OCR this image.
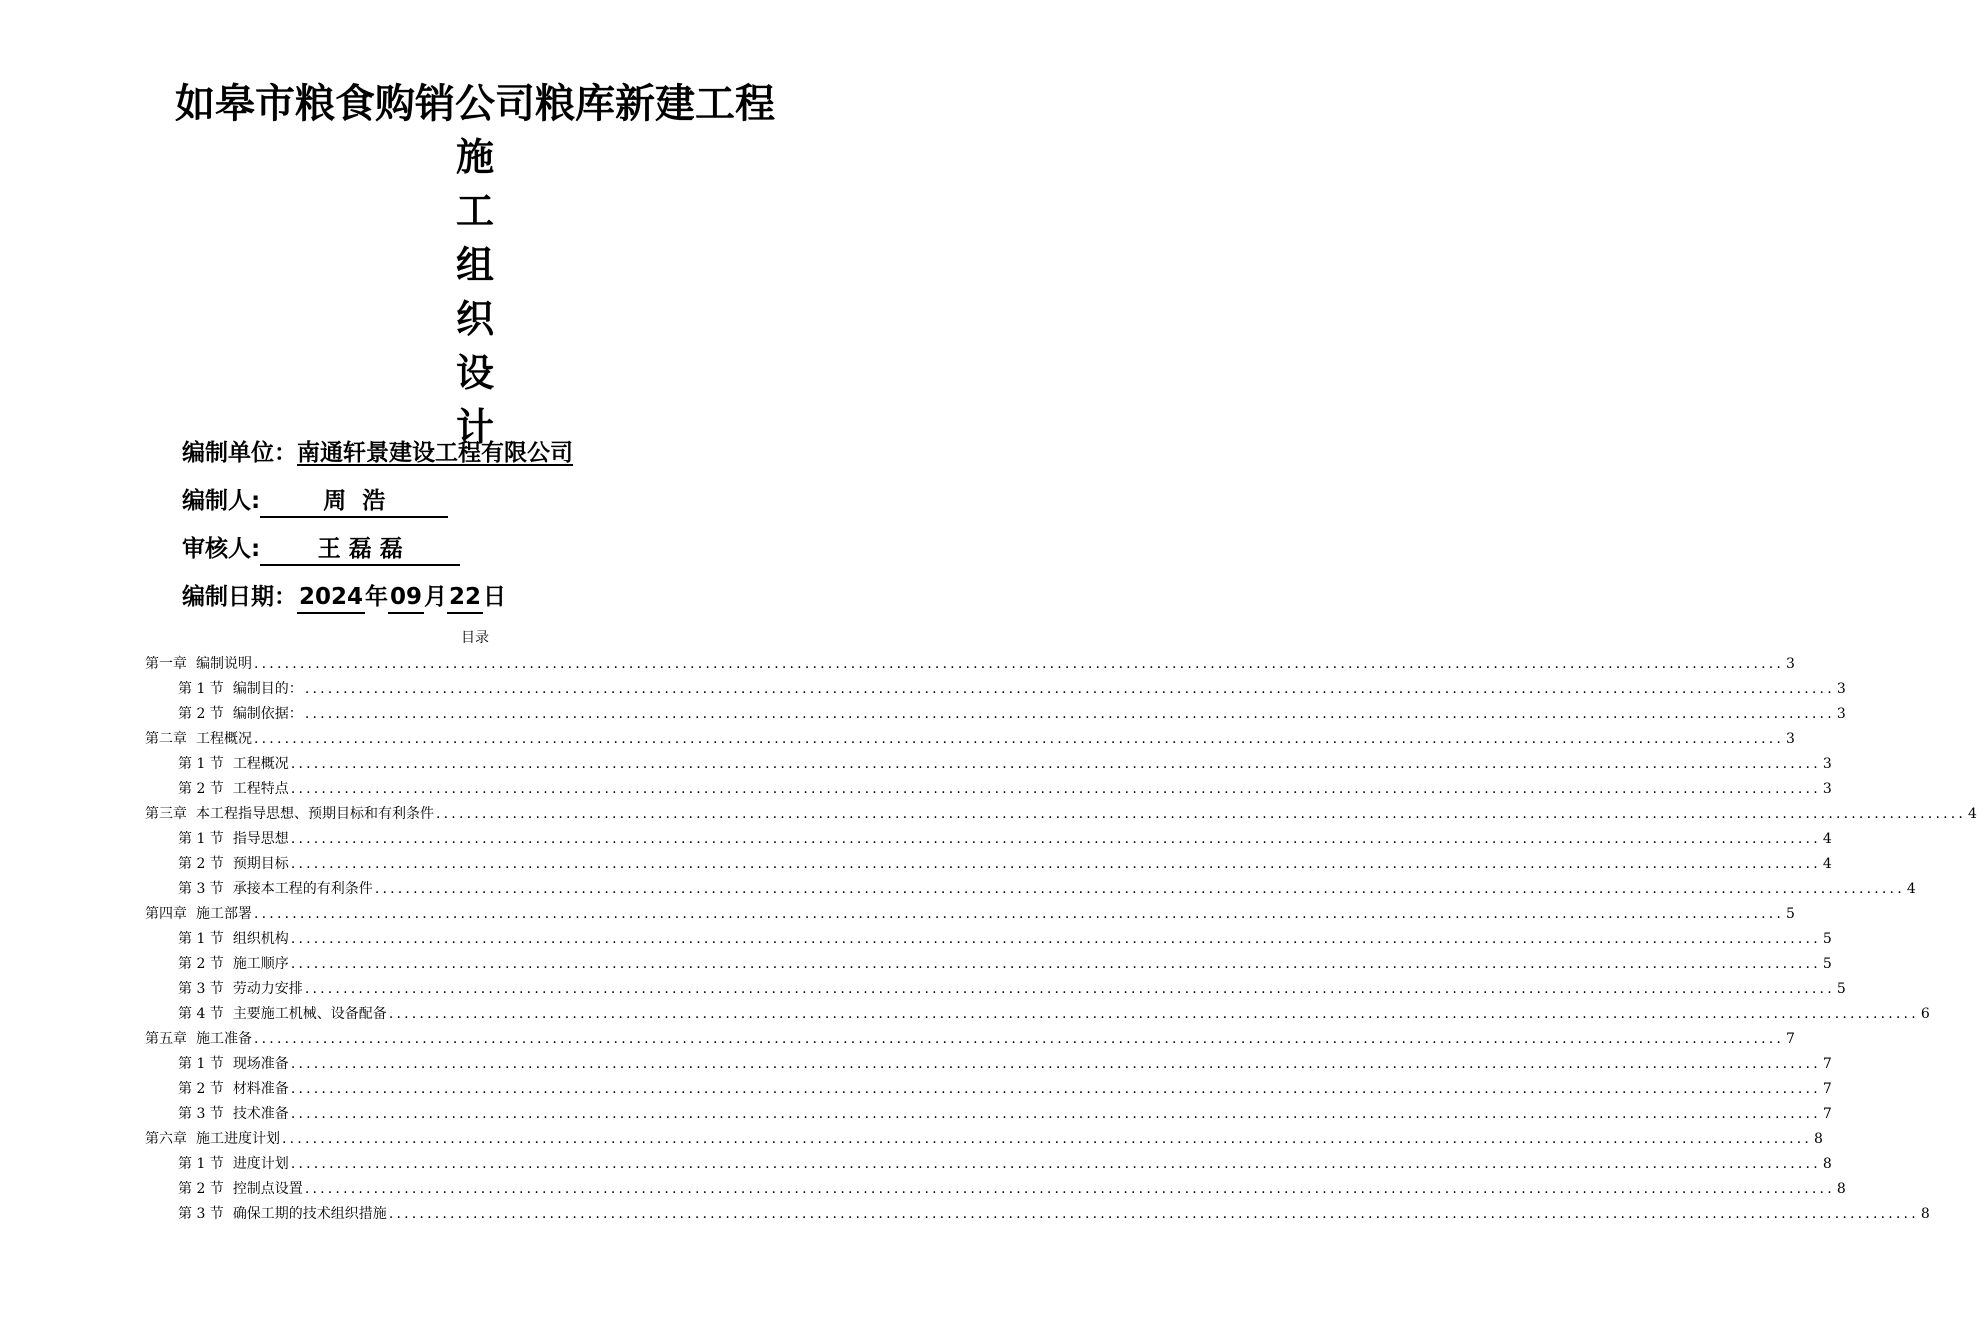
如皋市粮食购销公司粮库新建工程
施
工
组
织
设
计
编制单位：南通轩景建设工程有限公司
编制人:	周  浩
审核人: 王 磊 磊
编制日期：2024年09月22日
目录
第一章 编制说明 ........................................................................................................................................................................................................ 3
第 1 节 编制目的： ........................................................................................................................................................................................................ 3
第 2 节 编制依据： ........................................................................................................................................................................................................ 3
第二章 工程概况 ........................................................................................................................................................................................................ 3
第 1 节 工程概况 ........................................................................................................................................................................................................ 3
第 2 节 工程特点 ........................................................................................................................................................................................................ 3
第三章 本工程指导思想、预期目标和有利条件 ........................................................................................................................................................................................................ 4
第 1 节 指导思想 ........................................................................................................................................................................................................ 4
第 2 节 预期目标 ........................................................................................................................................................................................................ 4
第 3 节 承接本工程的有利条件 ........................................................................................................................................................................................................ 4
第四章 施工部署 ........................................................................................................................................................................................................ 5
第 1 节 组织机构 ........................................................................................................................................................................................................ 5
第 2 节 施工顺序 ........................................................................................................................................................................................................ 5
第 3 节 劳动力安排 ........................................................................................................................................................................................................ 5
第 4 节 主要施工机械、设备配备 ........................................................................................................................................................................................................ 6
第五章 施工准备 ........................................................................................................................................................................................................ 7
第 1 节 现场准备 ........................................................................................................................................................................................................ 7
第 2 节 材料准备 ........................................................................................................................................................................................................ 7
第 3 节 技术准备 ........................................................................................................................................................................................................ 7
第六章 施工进度计划 ........................................................................................................................................................................................................ 8
第 1 节 进度计划 ........................................................................................................................................................................................................ 8
第 2 节 控制点设置 ........................................................................................................................................................................................................ 8
第 3 节 确保工期的技术组织措施 ........................................................................................................................................................................................................ 8
